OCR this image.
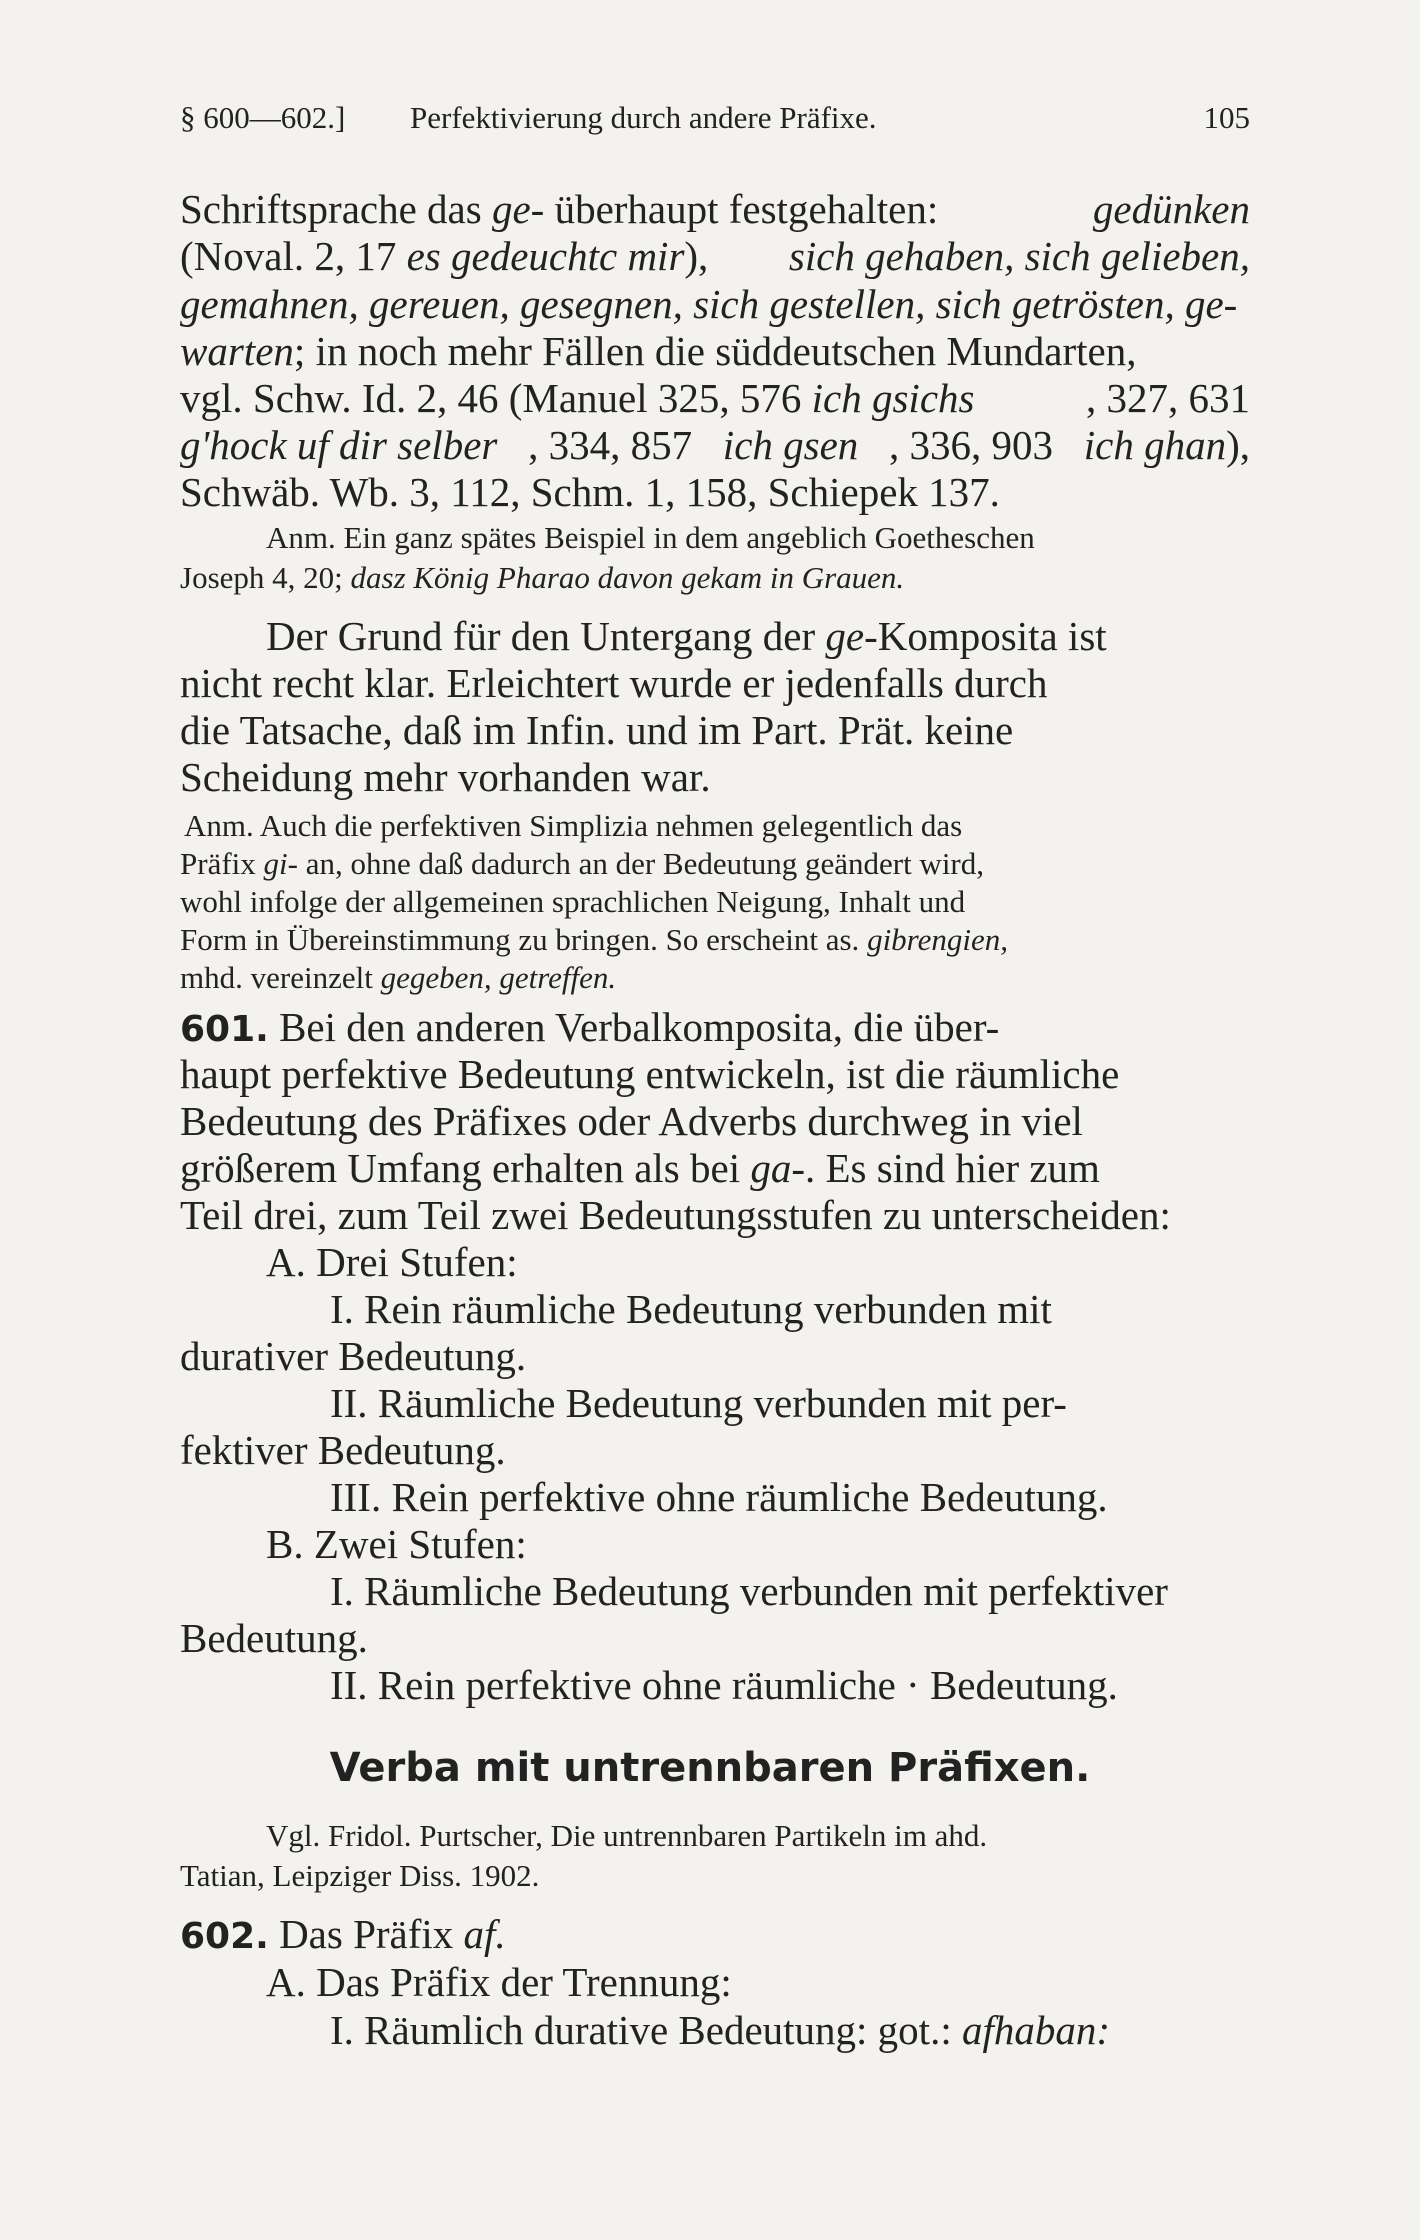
§ 600—602.] Perfektivierung durch andere Präfixe.	105
Schriftsprache das ge- überhaupt festgehalten:	gedünken
(Noval. 2, 17 es gedeuchtc mir), sich gehaben, sich gelieben,
gemahnen, gereuen, gesegnen, sich gestellen, sich getrösten, ge-
warten; in noch mehr Fällen die süddeutschen Mundarten,
vgl. Schw. Id. 2, 46 (Manuel 325, 576 ich gsichs	, 327, 631
g'hock uf dir selber , 334, 857 ich gsen , 336, 903 ich ghan),
Schwäb. Wb. 3, 112, Schm. 1, 158, Schiepek 137.
Anm. Ein ganz spätes Beispiel in dem angeblich Goetheschen
Joseph 4, 20; dasz König Pharao davon gekam in Grauen.
Der Grund für den Untergang der ge-Komposita ist
nicht recht klar. Erleichtert wurde er jedenfalls durch
die Tatsache, daß im Infin. und im Part. Prät. keine
Scheidung mehr vorhanden war.
Anm. Auch die perfektiven Simplizia nehmen gelegentlich das
Präfix gi- an, ohne daß dadurch an der Bedeutung geändert wird,
wohl infolge der allgemeinen sprachlichen Neigung, Inhalt und
Form in Übereinstimmung zu bringen. So erscheint as. gibrengien,
mhd. vereinzelt gegeben, getreffen.
601. Bei den anderen Verbalkomposita, die über-
haupt perfektive Bedeutung entwickeln, ist die räumliche
Bedeutung des Präfixes oder Adverbs durchweg in viel
größerem Umfang erhalten als bei ga-. Es sind hier zum
Teil drei, zum Teil zwei Bedeutungsstufen zu unterscheiden:
A. Drei Stufen:
I. Rein räumliche Bedeutung verbunden mit
durativer Bedeutung.
II. Räumliche Bedeutung verbunden mit per-
fektiver Bedeutung.
III. Rein perfektive ohne räumliche Bedeutung.
B. Zwei Stufen:
I. Räumliche Bedeutung verbunden mit perfektiver
Bedeutung.
II. Rein perfektive ohne räumliche · Bedeutung.
Verba mit untrennbaren Präfixen.
Vgl. Fridol. Purtscher, Die untrennbaren Partikeln im ahd.
Tatian, Leipziger Diss. 1902.
602. Das Präfix af.
A. Das Präfix der Trennung:
I. Räumlich durative Bedeutung: got.: afhaban:
